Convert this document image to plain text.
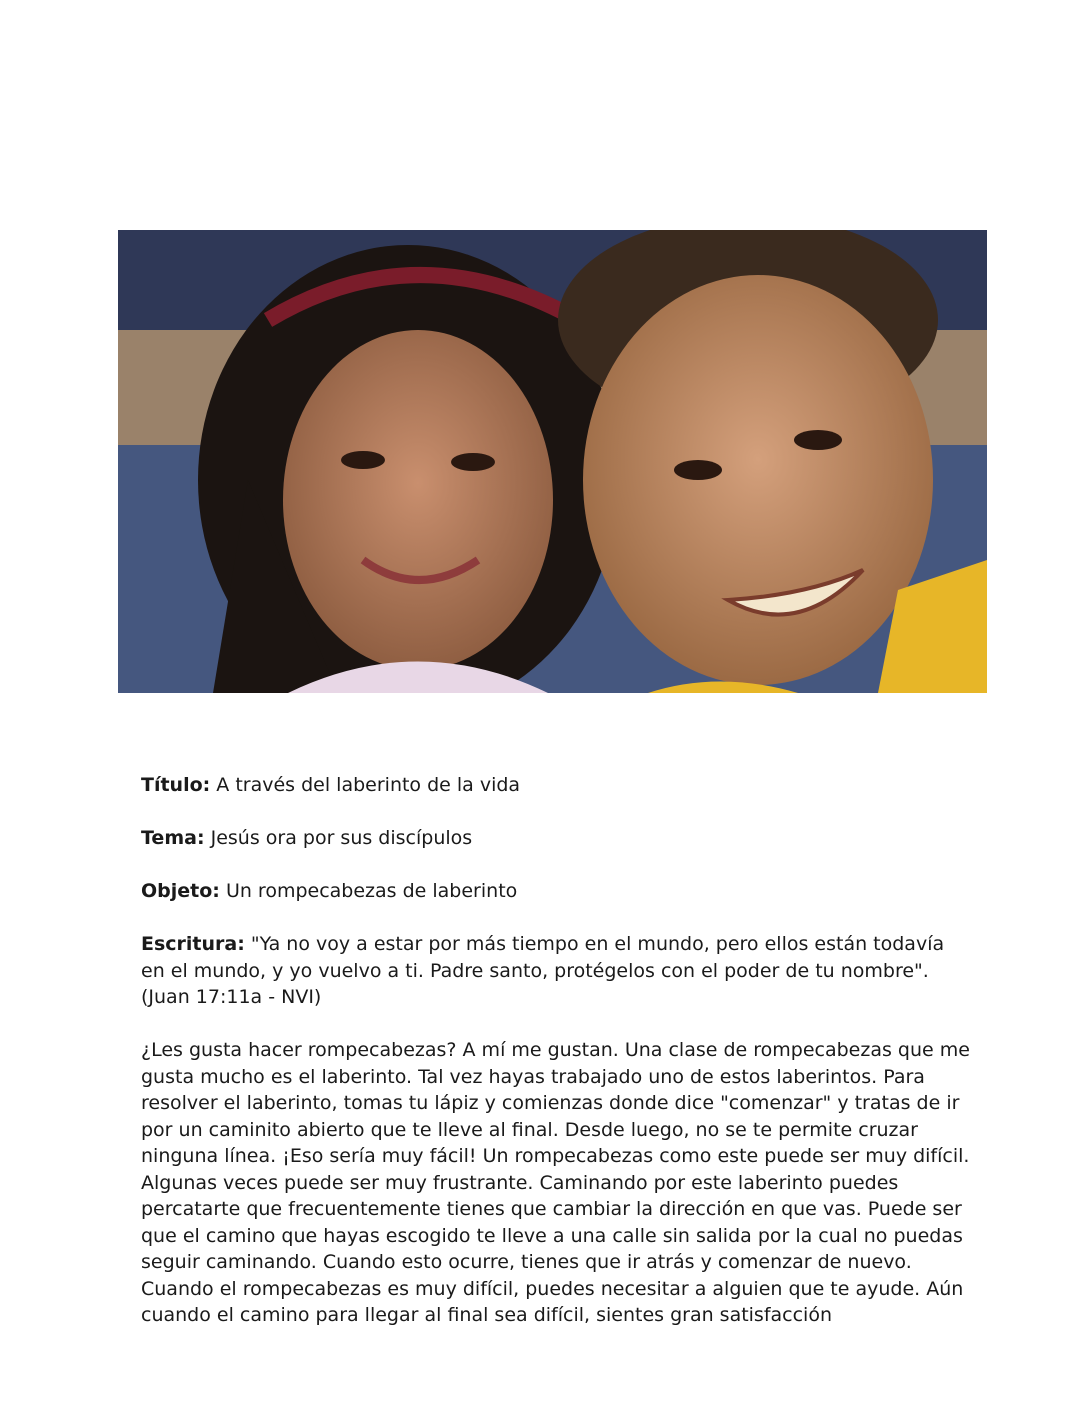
Título: A través del laberinto de la vida

Tema: Jesús ora por sus discípulos

Objeto: Un rompecabezas de laberinto

Escritura: "Ya no voy a estar por más tiempo en el mundo, pero ellos están todavía en el mundo, y yo vuelvo a ti. Padre santo, protégelos con el poder de tu nombre". (Juan 17:11a - NVI)

¿Les gusta hacer rompecabezas? A mí me gustan. Una clase de rompecabezas que me gusta mucho es el laberinto. Tal vez hayas trabajado uno de estos laberintos. Para resolver el laberinto, tomas tu lápiz y comienzas donde dice "comenzar" y tratas de ir por un caminito abierto que te lleve al final. Desde luego, no se te permite cruzar ninguna línea. ¡Eso sería muy fácil! Un rompecabezas como este puede ser muy difícil. Algunas veces puede ser muy frustrante. Caminando por este laberinto puedes percatarte que frecuentemente tienes que cambiar la dirección en que vas. Puede ser que el camino que hayas escogido te lleve a una calle sin salida por la cual no puedas seguir caminando. Cuando esto ocurre, tienes que ir atrás y comenzar de nuevo. Cuando el rompecabezas es muy difícil, puedes necesitar a alguien que te ayude. Aún cuando el camino para llegar al final sea difícil, sientes gran satisfacción
